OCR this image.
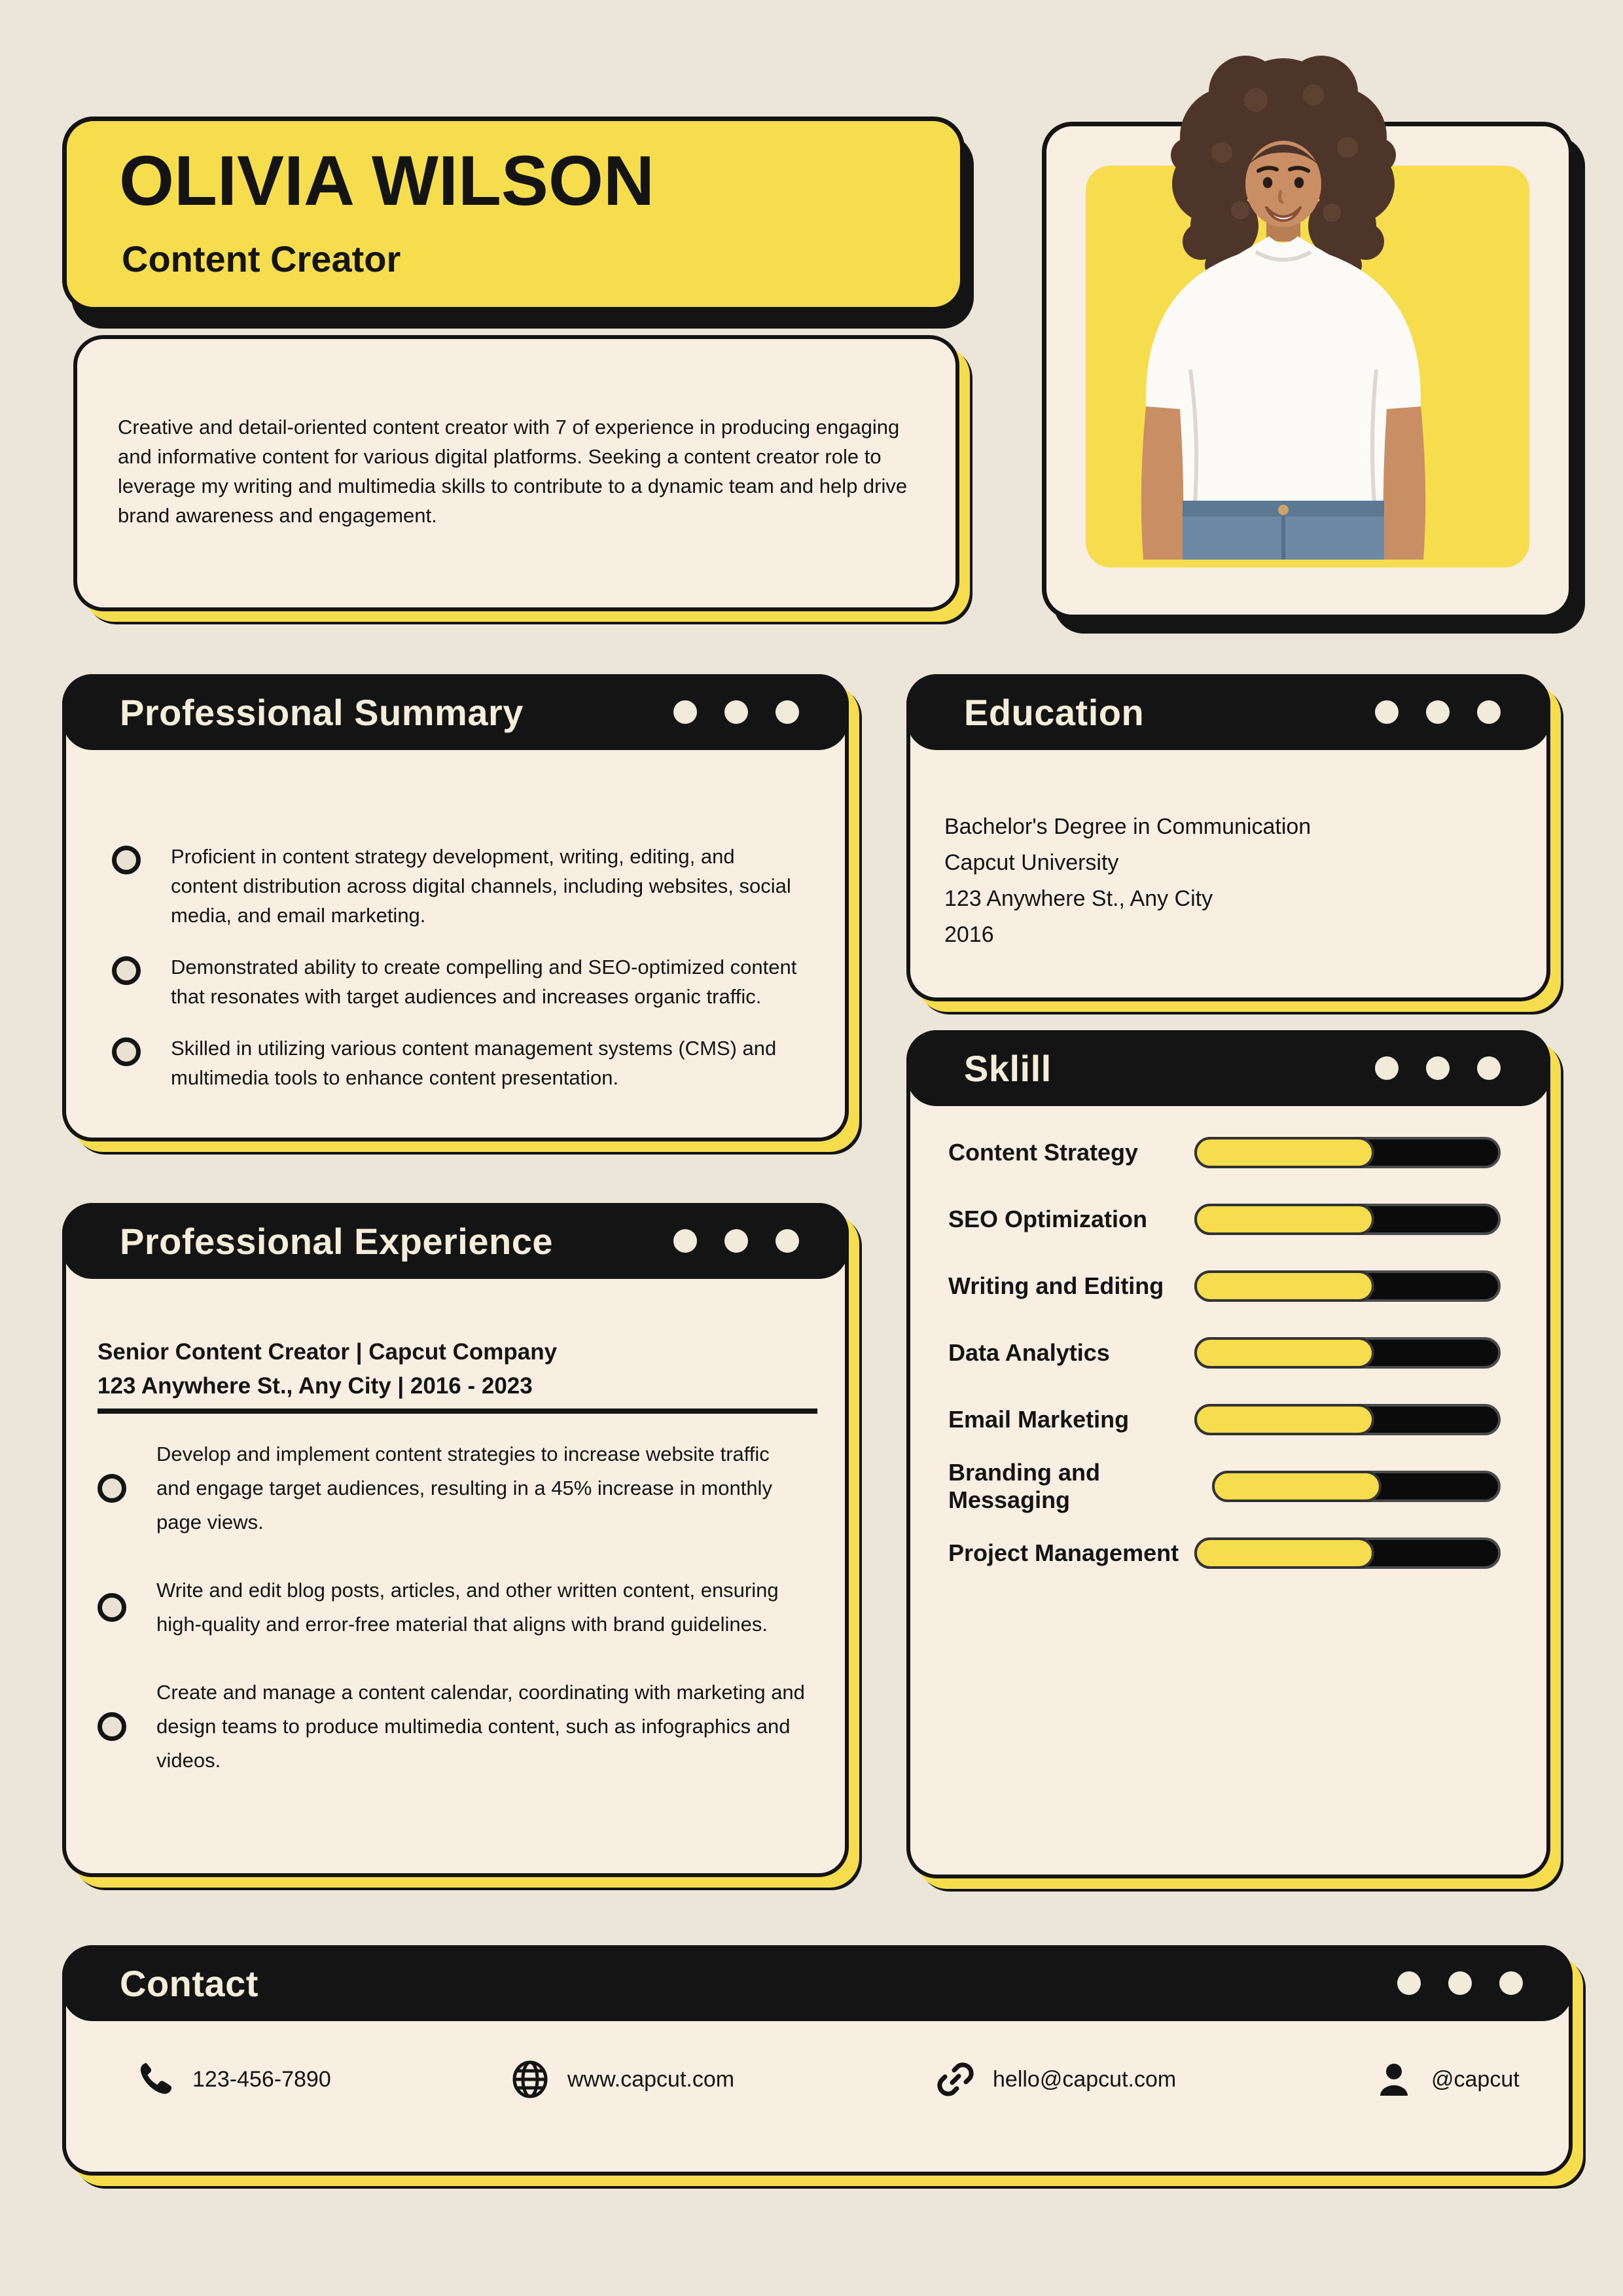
OLIVIA WILSON
Content Creator
Creative and detail-oriented content creator with 7 of experience in producing engaging and informative content for various digital platforms. Seeking a content creator role to leverage my writing and multimedia skills to contribute to a dynamic team and help drive brand awareness and engagement.
Professional Summary
Proficient in content strategy development, writing, editing, and content distribution across digital channels, including websites, social media, and email marketing.
Demonstrated ability to create compelling and SEO-optimized content that resonates with target audiences and increases organic traffic.
Skilled in utilizing various content management systems (CMS) and multimedia tools to enhance content presentation.
Education
Bachelor's Degree in Communication
Capcut University
123 Anywhere St., Any City
2016
Sklill
Content Strategy
SEO Optimization
Writing and Editing
Data Analytics
Email Marketing
Branding and Messaging
Project Management
Professional Experience
Senior Content Creator | Capcut Company
123 Anywhere St., Any City | 2016 - 2023
Develop and implement content strategies to increase website traffic and engage target audiences, resulting in a 45% increase in monthly page views.
Write and edit blog posts, articles, and other written content, ensuring high-quality and error-free material that aligns with brand guidelines.
Create and manage a content calendar, coordinating with marketing and design teams to produce multimedia content, such as infographics and videos.
Contact
123-456-7890	www.capcut.com	hello@capcut.com	@capcut
